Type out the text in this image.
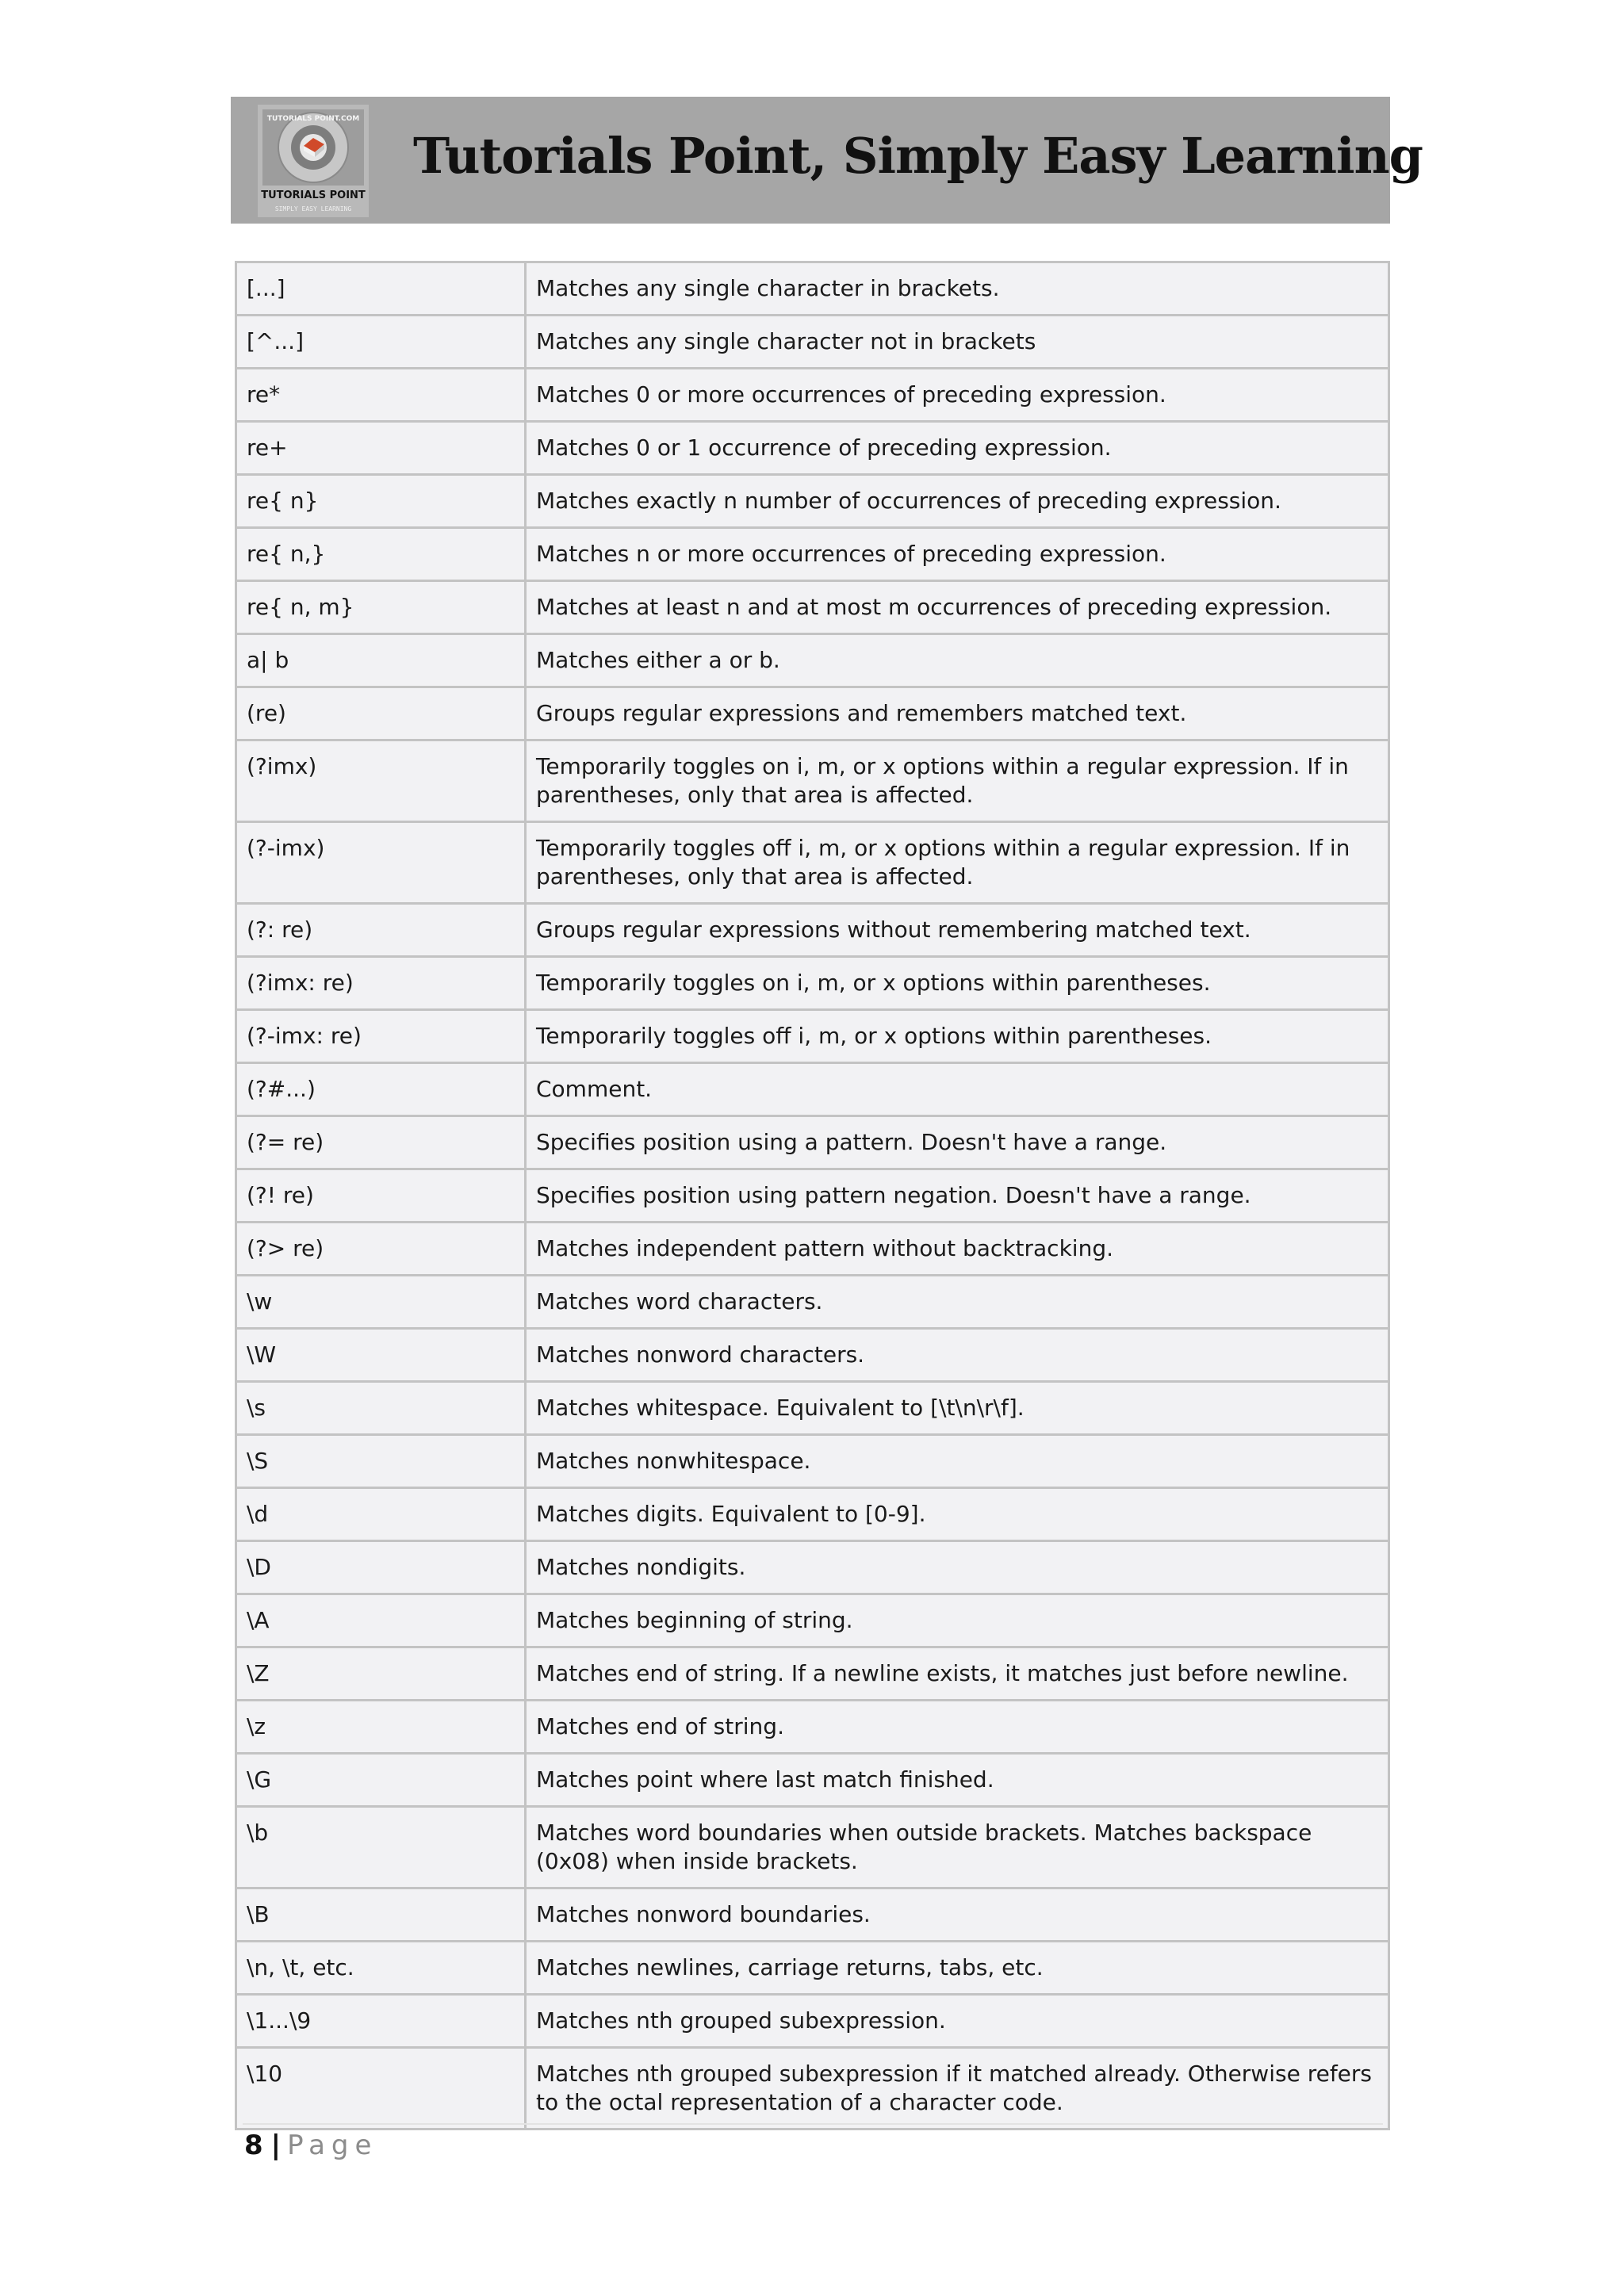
TUTORIALS POINT
SIMPLY EASY LEARNING
TUTORIALS POINT.COM
Tutorials Point, Simply Easy Learning
[...]	Matches any single character in brackets.
[^...]	Matches any single character not in brackets
re*	Matches 0 or more occurrences of preceding expression.
re+	Matches 0 or 1 occurrence of preceding expression.
re{ n}	Matches exactly n number of occurrences of preceding expression.
re{ n,}	Matches n or more occurrences of preceding expression.
re{ n, m}	Matches at least n and at most m occurrences of preceding expression.
a| b	Matches either a or b.
(re)	Groups regular expressions and remembers matched text.
(?imx)	Temporarily toggles on i, m, or x options within a regular expression. If in parentheses, only that area is affected.
(?-imx)	Temporarily toggles off i, m, or x options within a regular expression. If in parentheses, only that area is affected.
(?: re)	Groups regular expressions without remembering matched text.
(?imx: re)	Temporarily toggles on i, m, or x options within parentheses.
(?-imx: re)	Temporarily toggles off i, m, or x options within parentheses.
(?#...)	Comment.
(?= re)	Specifies position using a pattern. Doesn't have a range.
(?! re)	Specifies position using pattern negation. Doesn't have a range.
(?> re)	Matches independent pattern without backtracking.
\w	Matches word characters.
\W	Matches nonword characters.
\s	Matches whitespace. Equivalent to [\t\n\r\f].
\S	Matches nonwhitespace.
\d	Matches digits. Equivalent to [0-9].
\D	Matches nondigits.
\A	Matches beginning of string.
\Z	Matches end of string. If a newline exists, it matches just before newline.
\z	Matches end of string.
\G	Matches point where last match finished.
\b	Matches word boundaries when outside brackets. Matches backspace (0x08) when inside brackets.
\B	Matches nonword boundaries.
\n, \t, etc.	Matches newlines, carriage returns, tabs, etc.
\1...\9	Matches nth grouped subexpression.
\10	Matches nth grouped subexpression if it matched already. Otherwise refers to the octal representation of a character code.
8 | Page
